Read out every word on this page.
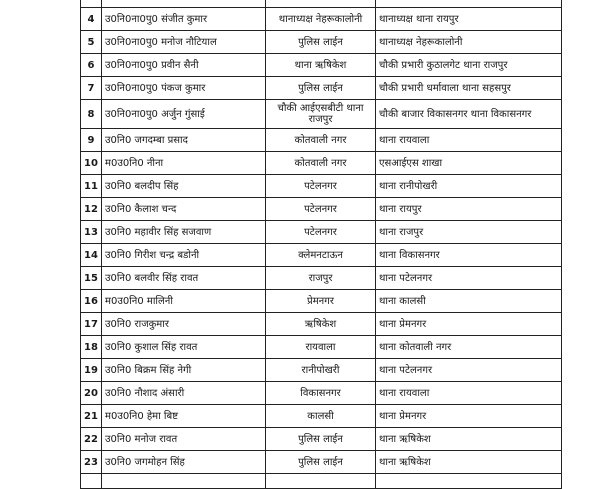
4	उ0नि0ना0पु0 संजीत कुमार	थानाध्यक्ष नेहरूकालोनी	थानाध्यक्ष थाना रायपुर
5	उ0नि0ना0पु0 मनोज नौटियाल	पुलिस लाईन	थानाध्यक्ष नेहरूकालोनी
6	उ0नि0ना0पु0 प्रवीन सैनी	थाना ऋषिकेश	चौकी प्रभारी कुठालगेट थाना राजपुर
7	उ0नि0ना0पु0 पंकज कुमार	पुलिस लाईन	चौकी प्रभारी धर्मावाला थाना सहसपुर
8	उ0नि0ना0पु0 अर्जुन गुंसाई	चौकी आईएसबीटी थाना राजपुर	चौकी बाजार विकासनगर थाना विकासनगर
9	उ0नि0 जगदम्बा प्रसाद	कोतवाली नगर	थाना रायवाला
10	म0उ0नि0 नीना	कोतवाली नगर	एसआईएस शाखा
11	उ0नि0 बलदीप सिंह	पटेलनगर	थाना रानीपोखरी
12	उ0नि0 कैलाश चन्द	पटेलनगर	थाना रायपुर
13	उ0नि0 महावीर सिंह सजवाण	पटेलनगर	थाना राजपुर
14	उ0नि0 गिरीश चन्द्र बडोनी	क्लेमनटाऊन	थाना विकासनगर
15	उ0नि0 बलवीर सिंह रावत	राजपुर	थाना पटेलनगर
16	म0उ0नि0 मालिनी	प्रेमनगर	थाना कालसी
17	उ0नि0 राजकुमार	ऋषिकेश	थाना प्रेमनगर
18	उ0नि0 कुशाल सिंह रावत	रायवाला	थाना कोतवाली नगर
19	उ0नि0 बिक्रम सिंह नेगी	रानीपोखरी	थाना पटेलनगर
20	उ0नि0 नौशाद अंसारी	विकासनगर	थाना रायवाला
21	म0उ0नि0 हेमा बिष्ट	कालसी	थाना प्रेमनगर
22	उ0नि0 मनोज रावत	पुलिस लाईन	थाना ऋषिकेश
23	उ0नि0 जगमोहन सिंह	पुलिस लाईन	थाना ऋषिकेश
